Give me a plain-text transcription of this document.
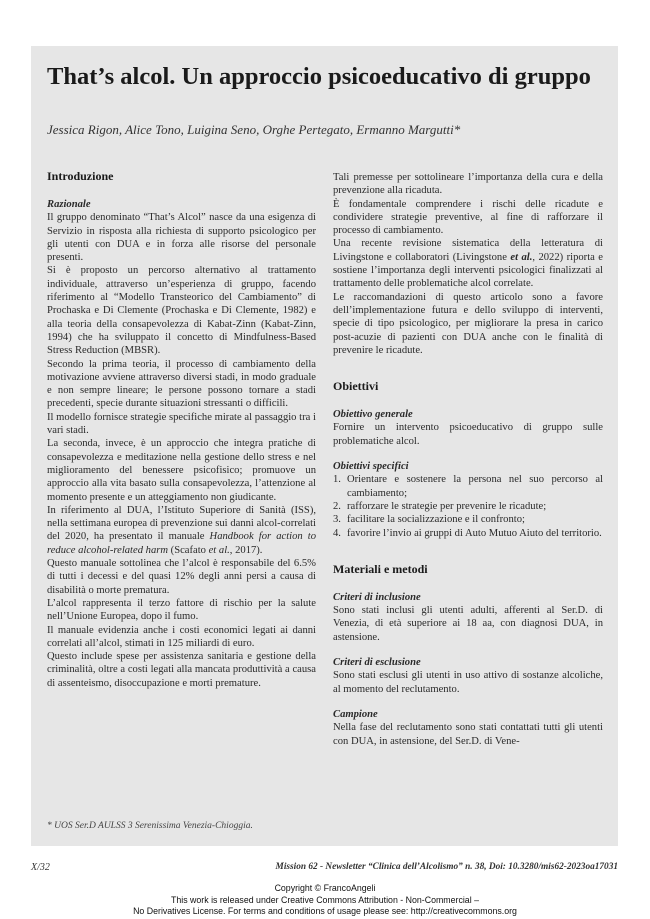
That’s alcol. Un approccio psicoeducativo di gruppo

Jessica Rigon, Alice Tono, Luigina Seno, Orghe Pertegato, Ermanno Margutti*

Introduzione

Razionale

Il gruppo denominato “That’s Alcol” nasce da una esigenza di Servizio in risposta alla richiesta di supporto psicologico per gli utenti con DUA e in forza alle risorse del personale presenti.

Si è proposto un percorso alternativo al trattamento individuale, attraverso un’esperienza di gruppo, facendo riferimento al “Modello Transteorico del Cambiamento” di Prochaska e Di Clemente (Prochaska e Di Clemente, 1982) e alla teoria della consapevolezza di Kabat-Zinn (Kabat-Zinn, 1994) che ha sviluppato il concetto di Mindfulness-Based Stress Reduction (MBSR).

Secondo la prima teoria, il processo di cambiamento della motivazione avviene attraverso diversi stadi, in modo graduale e non sempre lineare; le persone possono tornare a stadi precedenti, specie durante situazioni stressanti o difficili.

Il modello fornisce strategie specifiche mirate al passaggio tra i vari stadi.

La seconda, invece, è un approccio che integra pratiche di consapevolezza e meditazione nella gestione dello stress e nel miglioramento del benessere psicofisico; promuove un approccio alla vita basato sulla consapevolezza, l’attenzione al momento presente e un atteggiamento non giudicante.

In riferimento al DUA, l’Istituto Superiore di Sanità (ISS), nella settimana europea di prevenzione sui danni alcol-correlati del 2020, ha presentato il manuale Handbook for action to reduce alcohol-related harm (Scafato et al., 2017).

Questo manuale sottolinea che l’alcol è responsabile del 6.5% di tutti i decessi e del quasi 12% degli anni persi a causa di disabilità o morte prematura.

L’alcol rappresenta il terzo fattore di rischio per la salute nell’Unione Europea, dopo il fumo.

Il manuale evidenzia anche i costi economici legati ai danni correlati all’alcol, stimati in 125 miliardi di euro.

Questo include spese per assistenza sanitaria e gestione della criminalità, oltre a costi legati alla mancata produttività a causa di assenteismo, disoccupazione e morti premature.

* UOS Ser.D AULSS 3 Serenissima Venezia-Chioggia.

Tali premesse per sottolineare l’importanza della cura e della prevenzione alla ricaduta.

È fondamentale comprendere i rischi delle ricadute e condividere strategie preventive, al fine di rafforzare il processo di cambiamento.

Una recente revisione sistematica della letteratura di Livingstone e collaboratori (Livingstone et al., 2022) riporta e sostiene l’importanza degli interventi psicologici finalizzati al trattamento delle problematiche alcol correlate.

Le raccomandazioni di questo articolo sono a favore dell’implementazione futura e dello sviluppo di interventi, specie di tipo psicologico, per migliorare la presa in carico post-acuzie di pazienti con DUA anche con le finalità di prevenire le ricadute.

Obiettivi

Obiettivo generale

Fornire un intervento psicoeducativo di gruppo sulle problematiche alcol.

Obiettivi specifici

1. Orientare e sostenere la persona nel suo percorso al cambiamento;
2. rafforzare le strategie per prevenire le ricadute;
3. facilitare la socializzazione e il confronto;
4. favorire l’invio ai gruppi di Auto Mutuo Aiuto del territorio.
Materiali e metodi

Criteri di inclusione

Sono stati inclusi gli utenti adulti, afferenti al Ser.D. di Venezia, di età superiore ai 18 aa, con diagnosi DUA, in astensione.

Criteri di esclusione

Sono stati esclusi gli utenti in uso attivo di sostanze alcoliche, al momento del reclutamento.

Campione

Nella fase del reclutamento sono stati contattati tutti gli utenti con DUA, in astensione, del Ser.D. di Vene-

X/32	Mission 62 - Newsletter “Clinica dell’Alcolismo” n. 38, Doi: 10.3280/mis62-2023oa17031
Copyright © FrancoAngeli
This work is released under Creative Commons Attribution - Non-Commercial –
No Derivatives License. For terms and conditions of usage please see: http://creativecommons.org
